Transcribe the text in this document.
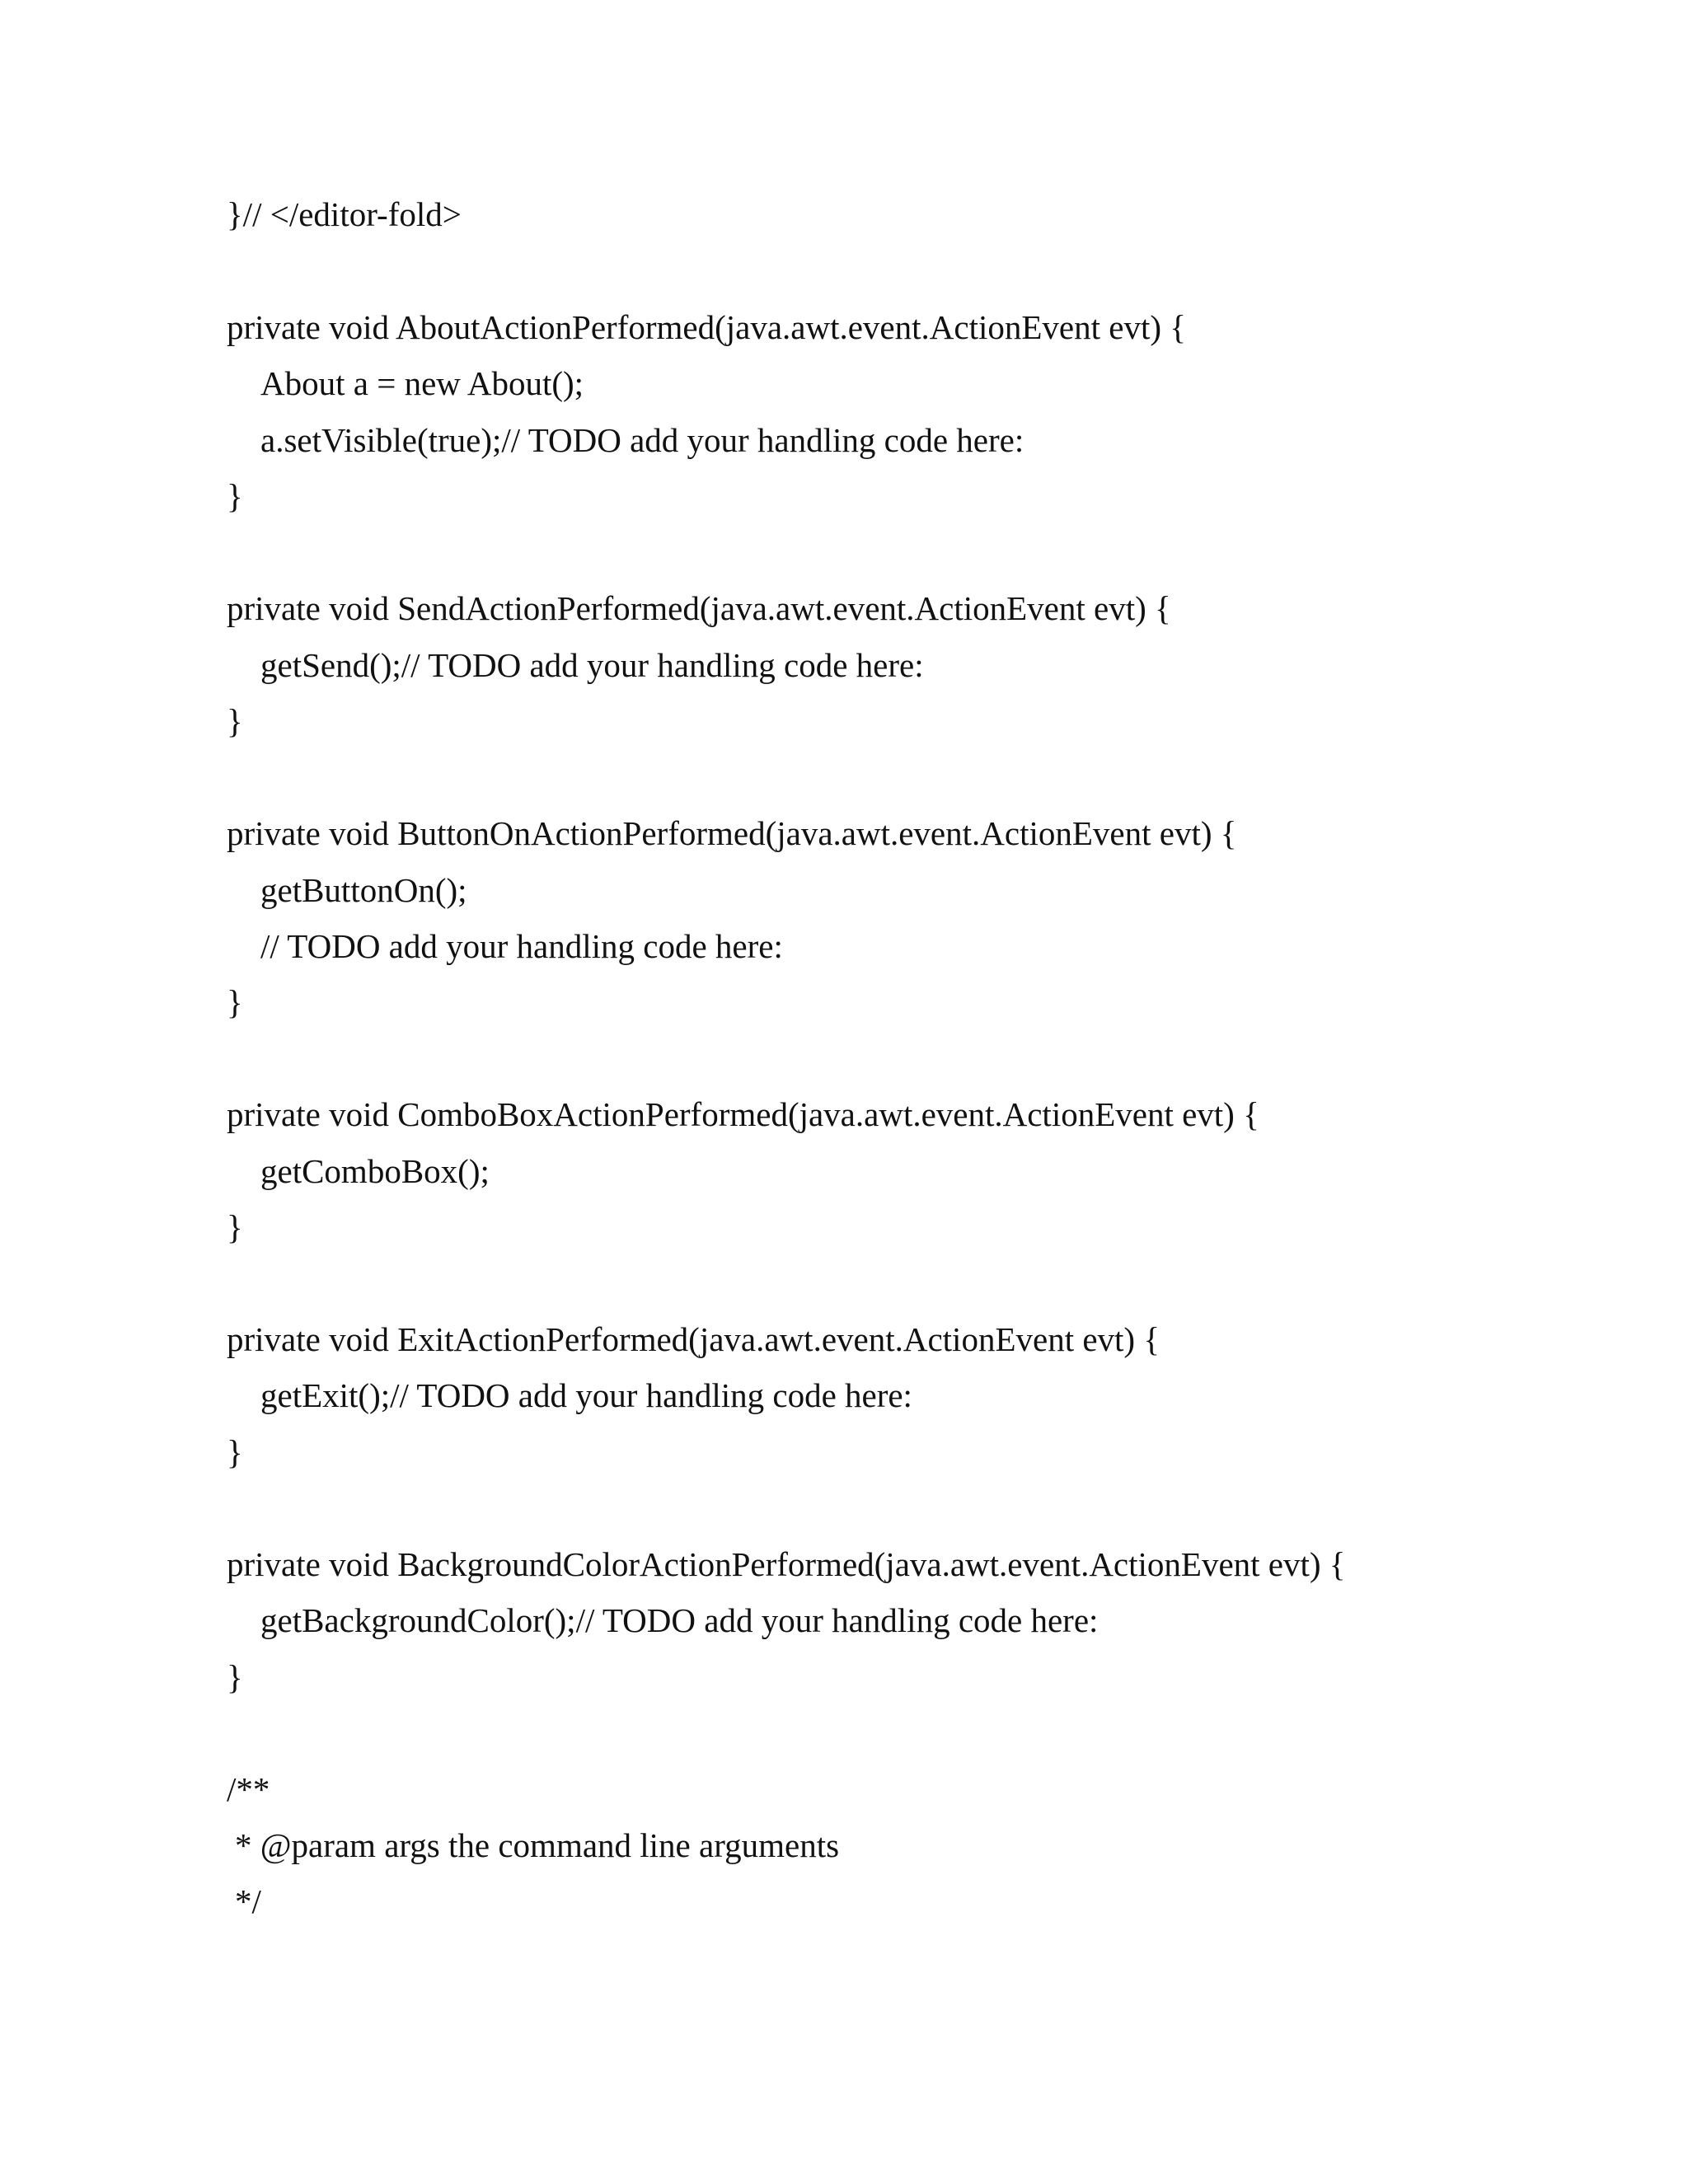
}// </editor-fold>
private void AboutActionPerformed(java.awt.event.ActionEvent evt) {
About a = new About();
a.setVisible(true);// TODO add your handling code here:
}
private void SendActionPerformed(java.awt.event.ActionEvent evt) {
getSend();// TODO add your handling code here:
}
private void ButtonOnActionPerformed(java.awt.event.ActionEvent evt) {
getButtonOn();
// TODO add your handling code here:
}
private void ComboBoxActionPerformed(java.awt.event.ActionEvent evt) {
getComboBox();
}
private void ExitActionPerformed(java.awt.event.ActionEvent evt) {
getExit();// TODO add your handling code here:
}
private void BackgroundColorActionPerformed(java.awt.event.ActionEvent evt) {
getBackgroundColor();// TODO add your handling code here:
}
/**
* @param args the command line arguments
*/
